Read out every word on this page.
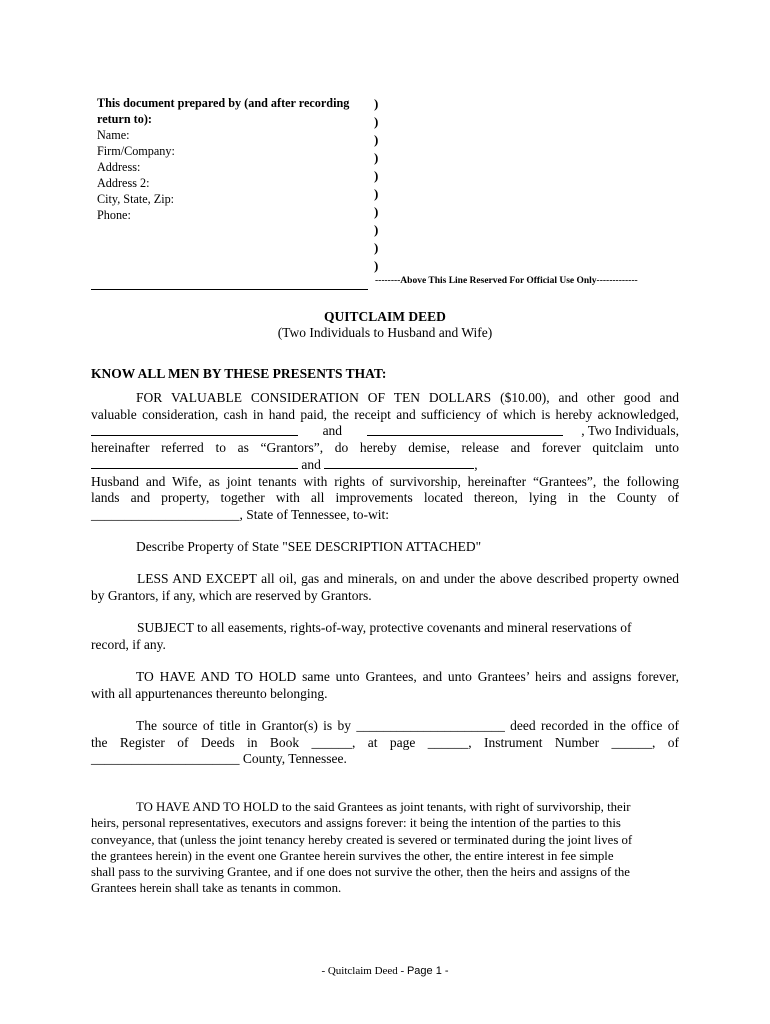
This document prepared by (and after recording
return to):
Name:
Firm/Company:
Address:
Address 2:
City, State, Zip:
Phone:
)
)
)
)
)
)
)
)
)
)
--------Above This Line Reserved For Official Use Only-------------
QUITCLAIM DEED
(Two Individuals to Husband and Wife)
KNOW ALL MEN BY THESE PRESENTS THAT:
FOR VALUABLE CONSIDERATION OF TEN DOLLARS ($10.00), and other good and
valuable consideration, cash in hand paid, the receipt and sufficiency of which is hereby acknowledged,
and	, Two Individuals,
hereinafter referred to as “Grantors”, do hereby demise, release and forever quitclaim unto
and	,
Husband and Wife, as joint tenants with rights of survivorship, hereinafter “Grantees”, the following
lands and property, together with all improvements located thereon, lying in the County of
______________________, State of Tennessee, to-wit:
Describe Property of State "SEE DESCRIPTION ATTACHED"
LESS AND EXCEPT all oil, gas and minerals, on and under the above described property owned
by Grantors, if any, which are reserved by Grantors.
SUBJECT to all easements, rights-of-way, protective covenants and mineral reservations of
record, if any.
TO HAVE AND TO HOLD same unto Grantees, and unto Grantees’ heirs and assigns forever,
with all appurtenances thereunto belonging.
The source of title in Grantor(s) is by ______________________ deed recorded in the office of
the Register of Deeds in Book ______, at page ______, Instrument Number ______, of
______________________ County, Tennessee.
TO HAVE AND TO HOLD to the said Grantees as joint tenants, with right of survivorship, their
heirs, personal representatives, executors and assigns forever: it being the intention of the parties to this
conveyance, that (unless the joint tenancy hereby created is severed or terminated during the joint lives of
the grantees herein) in the event one Grantee herein survives the other, the entire interest in fee simple
shall pass to the surviving Grantee, and if one does not survive the other, then the heirs and assigns of the
Grantees herein shall take as tenants in common.
- Quitclaim Deed - Page 1 -
